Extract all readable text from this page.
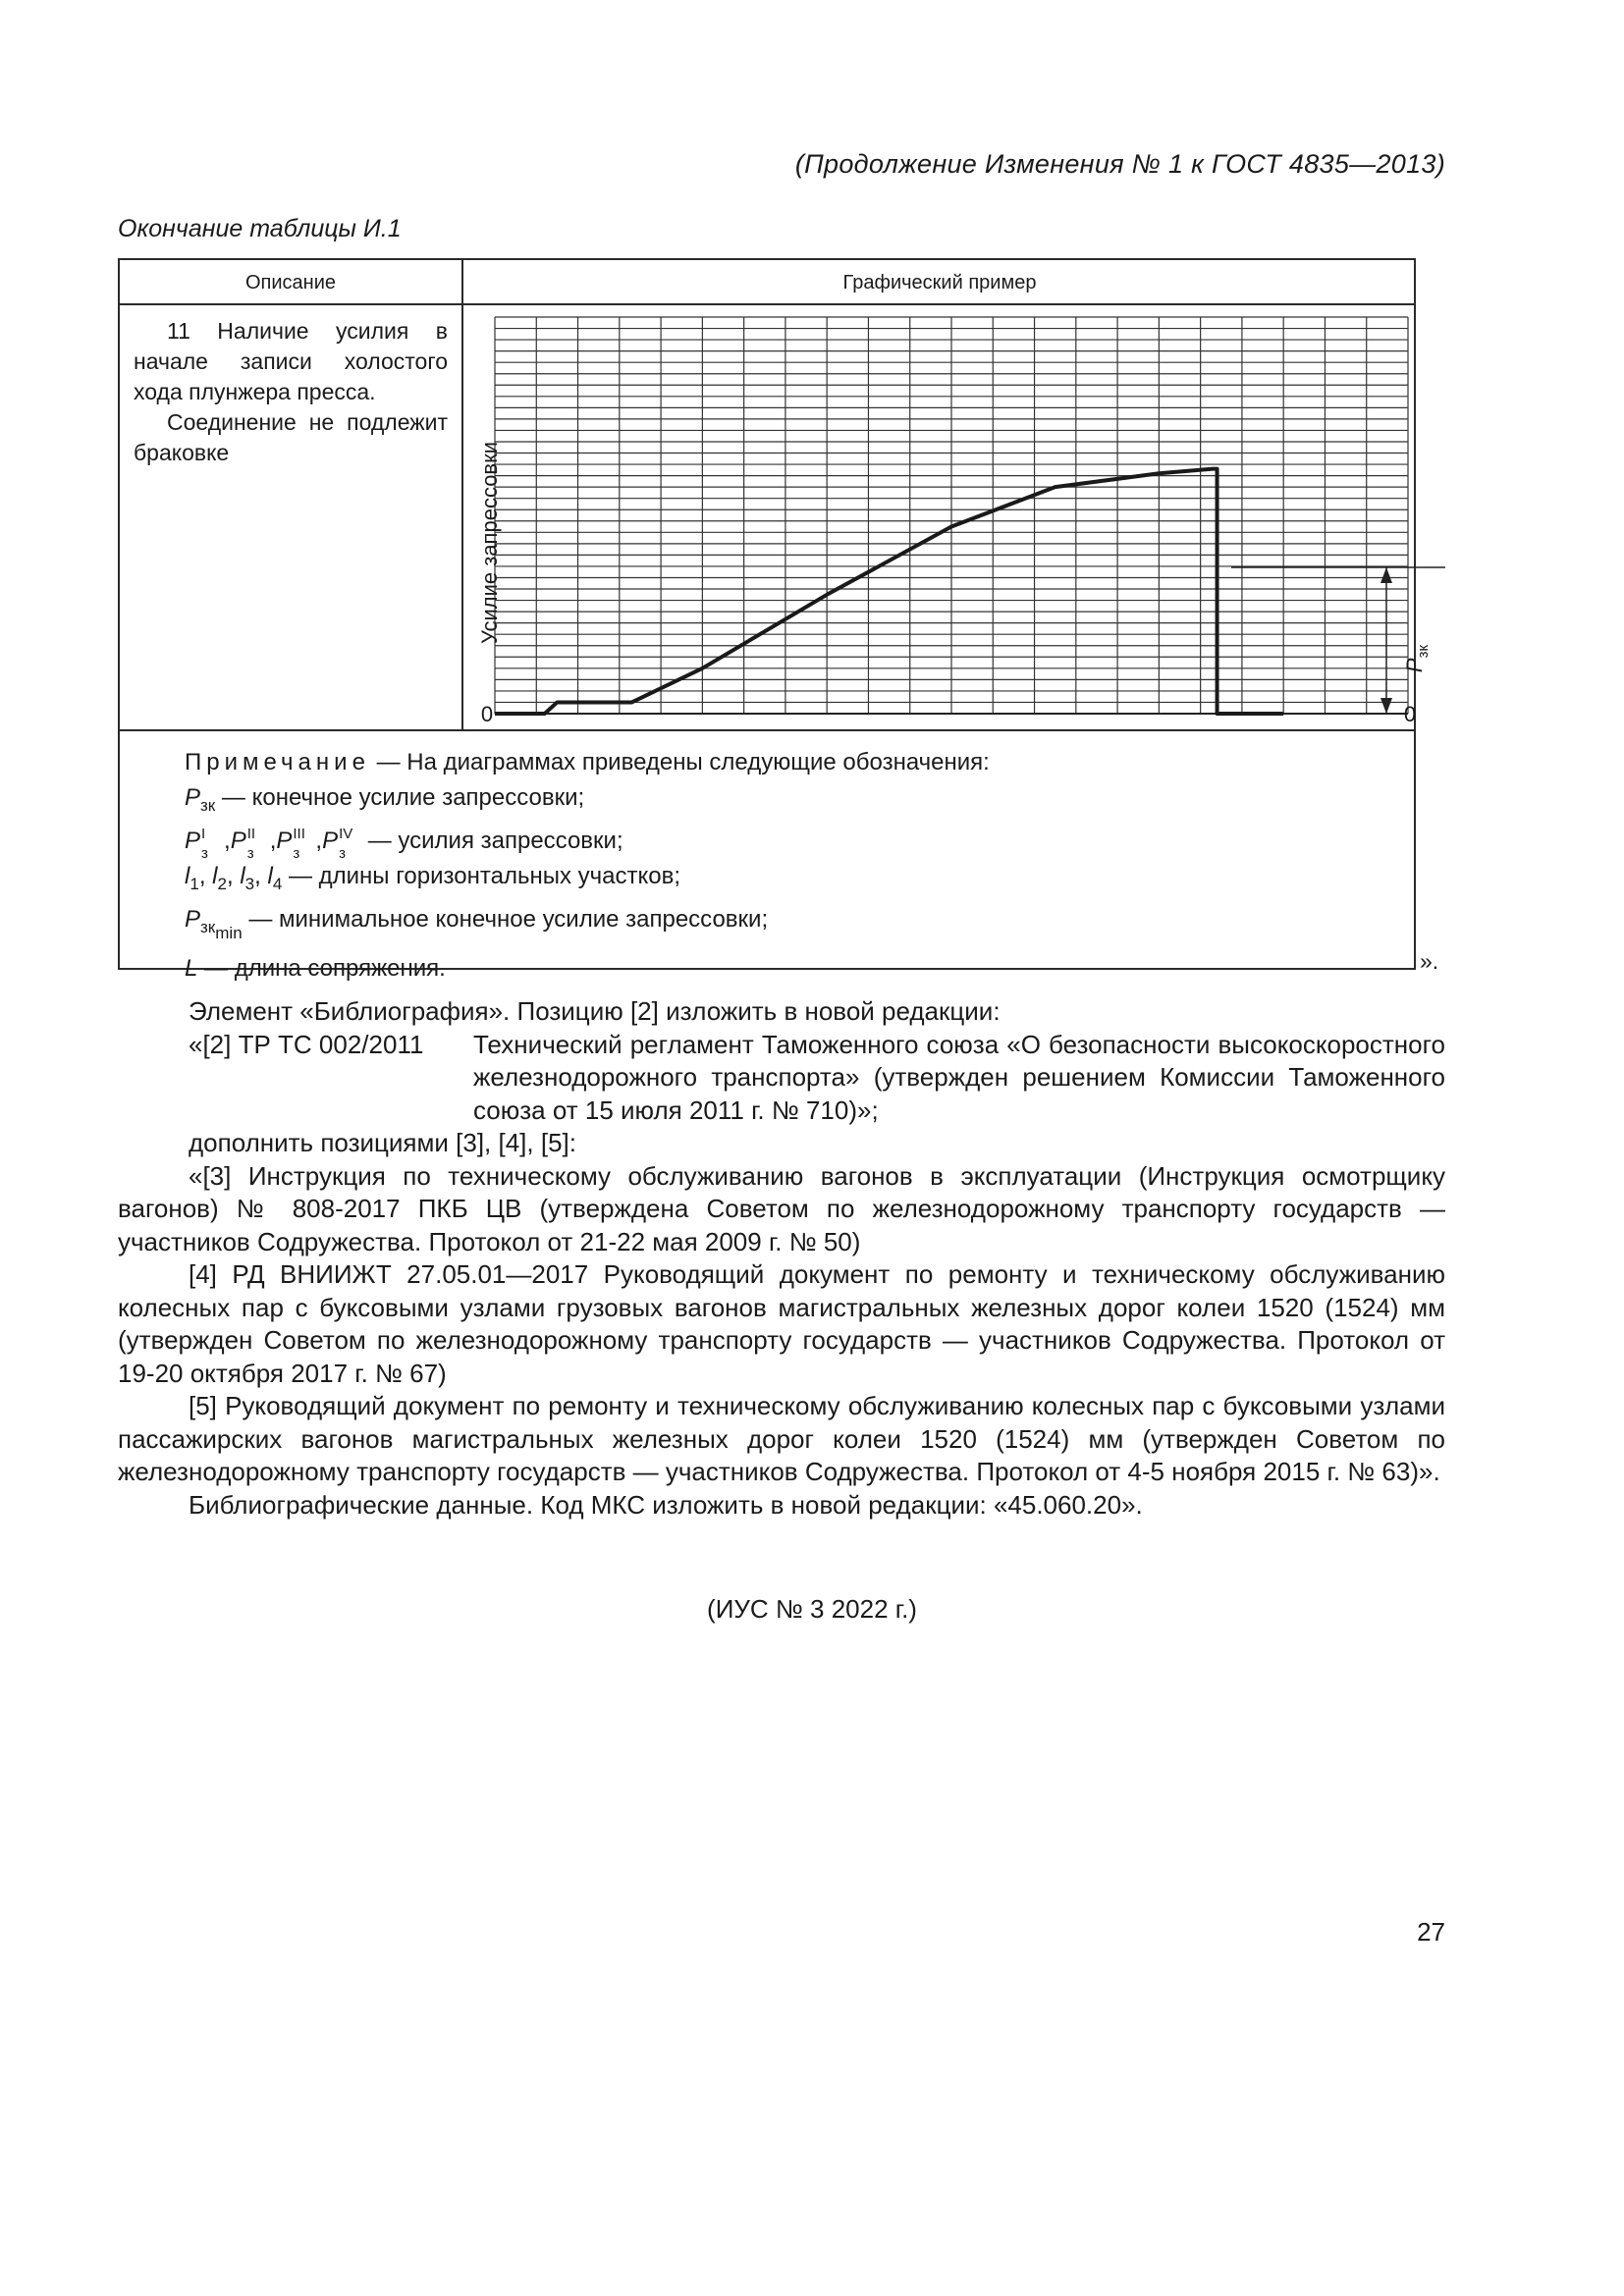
(Продолжение Изменения № 1 к ГОСТ 4835—2013)
Окончание таблицы И.1
Описание	Графический пример

11 Наличие усилия в начале записи холостого хода плунжера пресса.

Соединение не подлежит браковке	Усилие запрессовки
0	0
Pзк
Примечание — На диаграммах приведены следующие обозначения:
$P_{зк}$ — конечное усилие запрессовки;
P I
з ,P II
з ,P III
з ,P IV
з — усилия запрессовки;
$l_1$, $l_2$, $l_3$, $l_4$ — длины горизонтальных участков;
$P_{зкmin}$ — минимальное конечное усилие запрессовки;
L — длина сопряжения.	».

Элемент «Библиография». Позицию [2] изложить в новой редакции:

«[2] ТР ТС 002/2011	Технический регламент Таможенного союза «О безопасности высокоскоростного железнодорожного транспорта» (утвержден решением Комиссии Таможенного союза от 15 июля 2011 г. № 710)»;

дополнить позициями [3], [4], [5]:

«[3] Инструкция по техническому обслуживанию вагонов в эксплуатации (Инструкция осмотрщику вагонов) № 808-2017 ПКБ ЦВ (утверждена Советом по железнодорожному транспорту государств — участников Содружества. Протокол от 21-22 мая 2009 г. № 50)

[4] РД ВНИИЖТ 27.05.01—2017 Руководящий документ по ремонту и техническому обслуживанию колесных пар с буксовыми узлами грузовых вагонов магистральных железных дорог колеи 1520 (1524) мм (утвержден Советом по железнодорожному транспорту государств — участников Содружества. Протокол от 19-20 октября 2017 г. № 67)

[5] Руководящий документ по ремонту и техническому обслуживанию колесных пар с буксовыми узлами пассажирских вагонов магистральных железных дорог колеи 1520 (1524) мм (утвержден Советом по железнодорожному транспорту государств — участников Содружества. Протокол от 4-5 ноября 2015 г. № 63)».

Библиографические данные. Код МКС изложить в новой редакции: «45.060.20».

(ИУС № 3 2022 г.)
27
